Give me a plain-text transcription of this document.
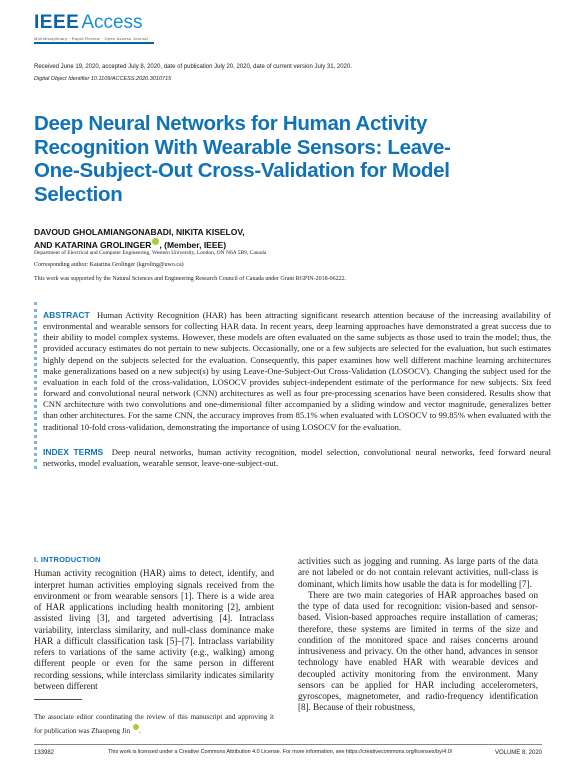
IEEE Access
Multidisciplinary · Rapid Review · Open Access Journal
Received June 19, 2020, accepted July 8, 2020, date of publication July 20, 2020, date of current version July 31, 2020.
Digital Object Identifier 10.1109/ACCESS.2020.3010715
Deep Neural Networks for Human Activity Recognition With Wearable Sensors: Leave-One-Subject-Out Cross-Validation for Model Selection
DAVOUD GHOLAMIANGONABADI, NIKITA KISELOV,
AND KATARINA GROLINGER , (Member, IEEE)
Department of Electrical and Computer Engineering, Western University, London, ON N6A 5B9, Canada
Corresponding author: Katarina Grolinger (kgroling@uwo.ca)
This work was supported by the Natural Sciences and Engineering Research Council of Canada under Grant RGPIN-2018-06222.

ABSTRACT Human Activity Recognition (HAR) has been attracting significant research attention because of the increasing availability of environmental and wearable sensors for collecting HAR data. In recent years, deep learning approaches have demonstrated a great success due to their ability to model complex systems. However, these models are often evaluated on the same subjects as those used to train the model; thus, the provided accuracy estimates do not pertain to new subjects. Occasionally, one or a few subjects are selected for the evaluation, but such estimates highly depend on the subjects selected for the evaluation. Consequently, this paper examines how well different machine learning architectures make generalizations based on a new subject(s) by using Leave-One-Subject-Out Cross-Validation (LOSOCV). Changing the subject used for the evaluation in each fold of the cross-validation, LOSOCV provides subject-independent estimate of the performance for new subjects. Six feed forward and convolutional neural network (CNN) architectures as well as four pre-processing scenarios have been considered. Results show that CNN architecture with two convolutions and one-dimensional filter accompanied by a sliding window and vector magnitude, generalizes better than other architectures. For the same CNN, the accuracy improves from 85.1% when evaluated with LOSOCV to 99.85% when evaluated with the traditional 10-fold cross-validation, demonstrating the importance of using LOSOCV for the evaluation.

INDEX TERMS Deep neural networks, human activity recognition, model selection, convolutional neural networks, feed forward neural networks, model evaluation, wearable sensor, leave-one-subject-out.

I. INTRODUCTION

Human activity recognition (HAR) aims to detect, identify, and interpret human activities employing signals received from the environment or from wearable sensors [1]. There is a wide area of HAR applications including health monitoring [2], ambient assisted living [3], and targeted advertising [4]. Intraclass variability, interclass similarity, and null-class dominance make HAR a difficult classification task [5]–[7]. Intraclass variability refers to variations of the same activity (e.g., walking) among different people or even for the same person in different recording sessions, while interclass similarity indicates similarity between different

activities such as jogging and running. As large parts of the data are not labeled or do not contain relevant activities, null-class is dominant, which limits how usable the data is for modelling [7].

There are two main categories of HAR approaches based on the type of data used for recognition: vision-based and sensor-based. Vision-based approaches require installation of cameras; therefore, these systems are limited in terms of the size and condition of the monitored space and raises concerns around intrusiveness and privacy. On the other hand, advances in sensor technology have enabled HAR with wearable devices and decoupled activity monitoring from the environment. Many sensors can be applied for HAR including accelerometers, gyroscopes, magnetometer, and radio-frequency identification [8]. Because of their robustness,

The associate editor coordinating the review of this manuscript and approving it for publication was Zhaopeng Jin .
133982	This work is licensed under a Creative Commons Attribution 4.0 License. For more information, see https://creativecommons.org/licenses/by/4.0/	VOLUME 8, 2020
